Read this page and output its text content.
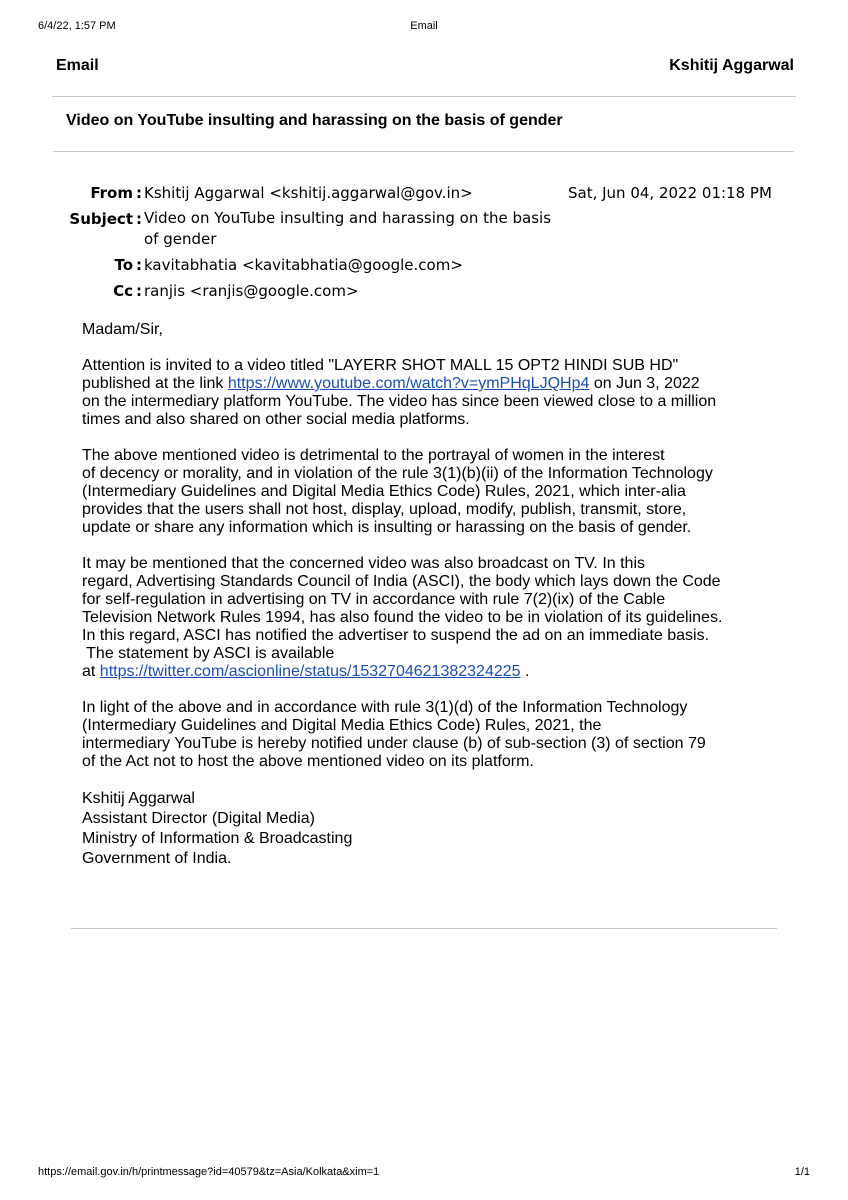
6/4/22, 1:57 PM	Email
Email	Kshitij Aggarwal
Video on YouTube insulting and harassing on the basis of gender
From : Kshitij Aggarwal <kshitij.aggarwal@gov.in>	Sat, Jun 04, 2022 01:18 PM
Subject : Video on YouTube insulting and harassing on the basis
of gender
To : kavitabhatia <kavitabhatia@google.com>
Cc : ranjis <ranjis@google.com>

Madam/Sir,

Attention is invited to a video titled "LAYERR SHOT MALL 15 OPT2 HINDI SUB HD"
published at the link https://www.youtube.com/watch?v=ymPHqLJQHp4 on Jun 3, 2022
on the intermediary platform YouTube. The video has since been viewed close to a million
times and also shared on other social media platforms.

The above mentioned video is detrimental to the portrayal of women in the interest
of decency or morality, and in violation of the rule 3(1)(b)(ii) of the Information Technology
(Intermediary Guidelines and Digital Media Ethics Code) Rules, 2021, which inter-alia
provides that the users shall not host, display, upload, modify, publish, transmit, store,
update or share any information which is insulting or harassing on the basis of gender.

It may be mentioned that the concerned video was also broadcast on TV. In this
regard, Advertising Standards Council of India (ASCI), the body which lays down the Code
for self-regulation in advertising on TV in accordance with rule 7(2)(ix) of the Cable
Television Network Rules 1994, has also found the video to be in violation of its guidelines.
In this regard, ASCI has notified the advertiser to suspend the ad on an immediate basis.
The statement by ASCI is available
at https://twitter.com/ascionline/status/1532704621382324225 .

In light of the above and in accordance with rule 3(1)(d) of the Information Technology
(Intermediary Guidelines and Digital Media Ethics Code) Rules, 2021, the
intermediary YouTube is hereby notified under clause (b) of sub-section (3) of section 79
of the Act not to host the above mentioned video on its platform.

Kshitij Aggarwal
Assistant Director (Digital Media)
Ministry of Information & Broadcasting
Government of India.

https://email.gov.in/h/printmessage?id=40579&tz=Asia/Kolkata&xim=1	1/1
